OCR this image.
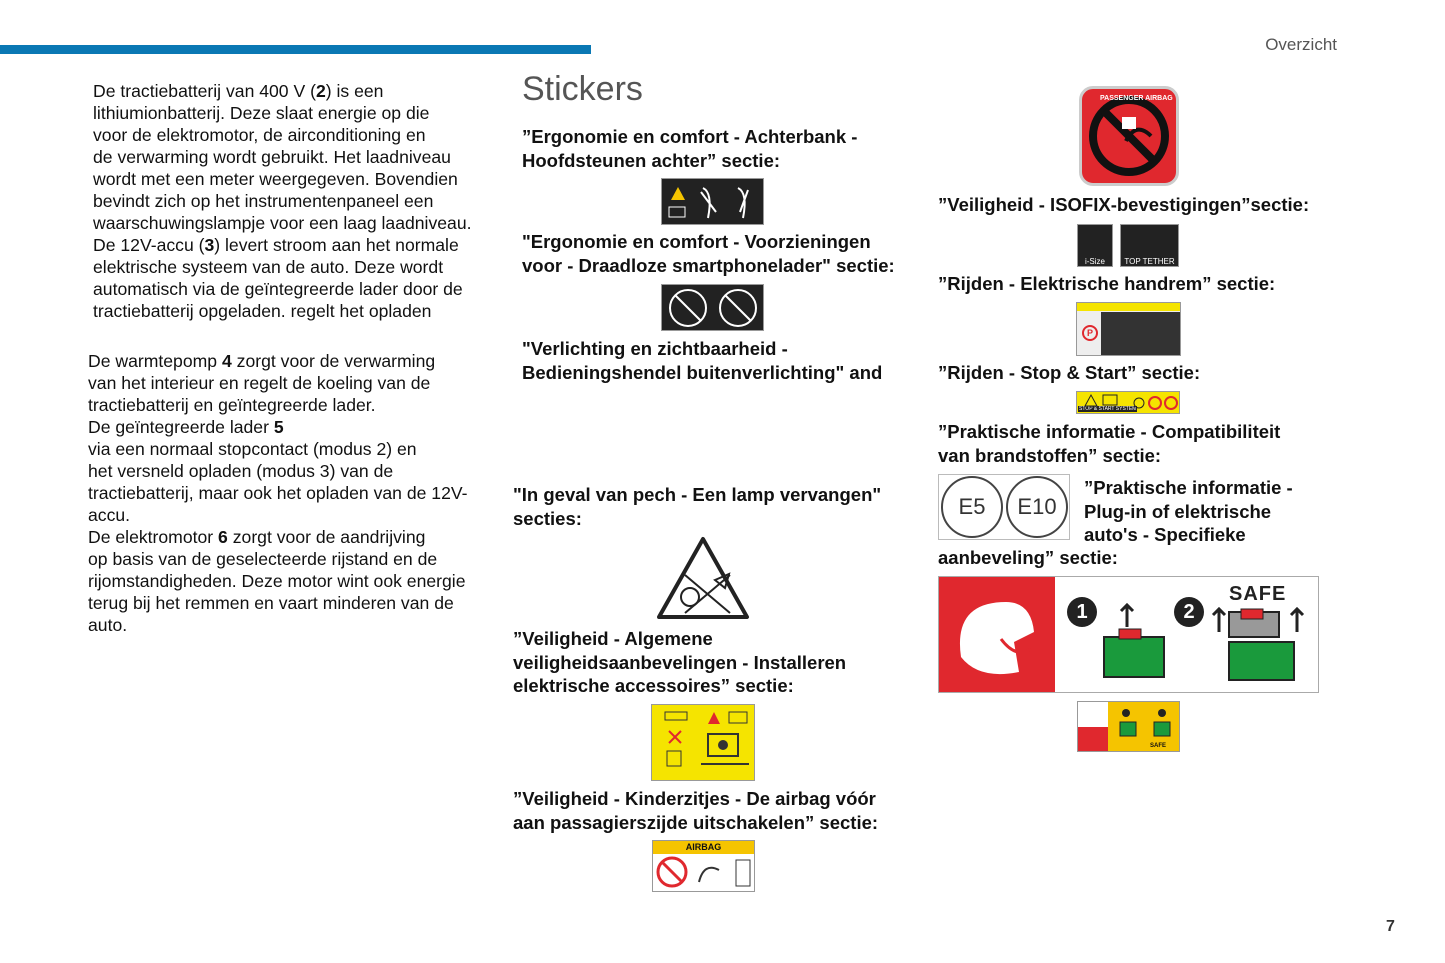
Overzicht
7
De tractiebatterij van 400 V (2) is een
lithiumionbatterij. Deze slaat energie op die
voor de elektromotor, de airconditioning en
de verwarming wordt gebruikt. Het laadniveau
wordt met een meter weergegeven. Bovendien
bevindt zich op het instrumentenpaneel een
waarschuwingslampje voor een laag laadniveau.
De 12V-accu (3) levert stroom aan het normale
elektrische systeem van de auto. Deze wordt
automatisch via de geïntegreerde lader door de
tractiebatterij opgeladen. regelt het opladen
De warmtepomp 4 zorgt voor de verwarming
van het interieur en regelt de koeling van de
tractiebatterij en geïntegreerde lader.
De geïntegreerde lader 5
via een normaal stopcontact (modus 2) en
het versneld opladen (modus 3) van de
tractiebatterij, maar ook het opladen van de 12V-
accu.
De elektromotor 6 zorgt voor de aandrijving
op basis van de geselecteerde rijstand en de
rijomstandigheden. Deze motor wint ook energie
terug bij het remmen en vaart minderen van de
auto.
Stickers
”Ergonomie en comfort - Achterbank -
Hoofdsteunen achter” sectie:
"Ergonomie en comfort - Voorzieningen
voor - Draadloze smartphonelader" sectie:
"Verlichting en zichtbaarheid -
Bedieningshendel buitenverlichting" and
"In geval van pech - Een lamp vervangen"
secties:
”Veiligheid - Algemene
veiligheidsaanbevelingen - Installeren
elektrische accessoires” sectie:
”Veiligheid - Kinderzitjes - De airbag vóór
aan passagierszijde uitschakelen” sectie:
AIRBAG
PASSENGER AIRBAG
”Veiligheid - ISOFIX-bevestigingen”sectie:
i-Size TOP TETHER
”Rijden - Elektrische handrem” sectie:
P
”Rijden - Stop & Start” sectie:
STOP & START SYSTEM
”Praktische informatie - Compatibiliteit
van brandstoffen” sectie:
E5	E10
”Praktische informatie -
Plug-in of elektrische
auto's - Specifieke
aanbeveling” sectie:
1	2
SAFE
SAFE
